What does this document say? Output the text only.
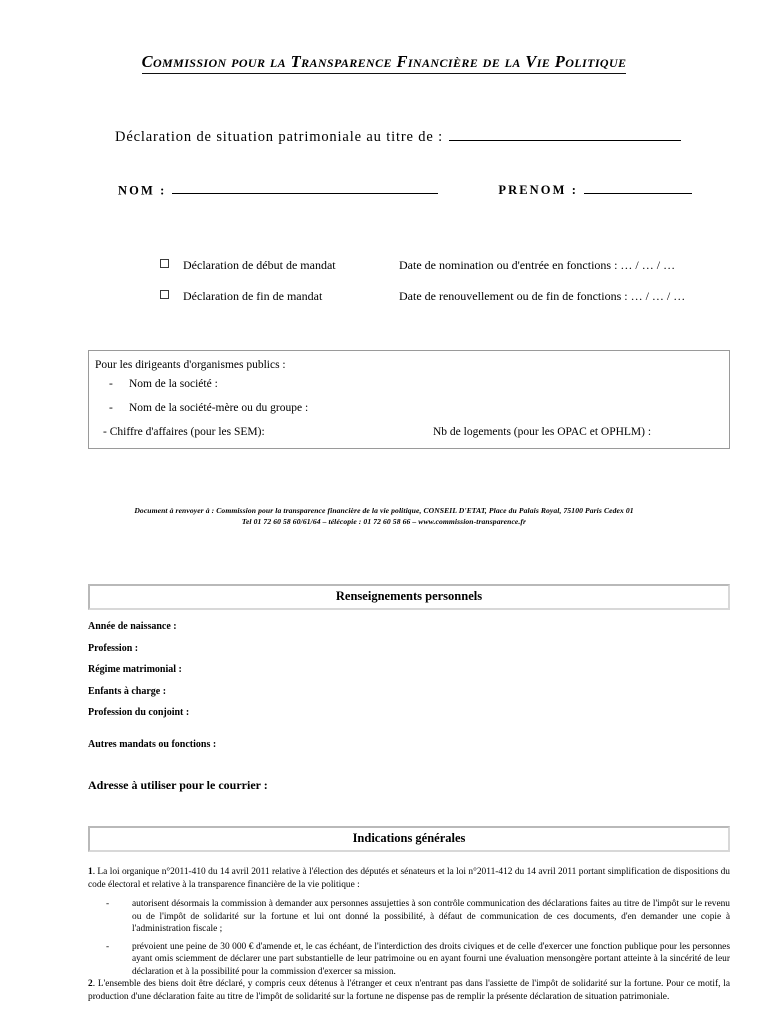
Commission pour la Transparence Financière de la Vie Politique
Déclaration de situation patrimoniale au titre de :
NOM :	PRENOM :
Déclaration de début de mandat	Date de nomination ou d'entrée en fonctions : … / … / …
Déclaration de fin de mandat	Date de renouvellement ou de fin de fonctions : … / … / …

Pour les dirigeants d'organismes publics :

- Nom de la société :
- Nom de la société-mère ou du groupe :
- Chiffre d'affaires (pour les SEM):	Nb de logements (pour les OPAC et OPHLM) :
Document à renvoyer à : Commission pour la transparence financière de la vie politique, CONSEIL D'ETAT, Place du Palais Royal, 75100 Paris Cedex 01
Tel 01 72 60 58 60/61/64 – télécopie : 01 72 60 58 66 – www.commission-transparence.fr
Renseignements personnels
Année de naissance :
Profession :
Régime matrimonial :
Enfants à charge :
Profession du conjoint :
Autres mandats ou fonctions :
Adresse à utiliser pour le courrier :
Indications générales

1. La loi organique n°2011-410 du 14 avril 2011 relative à l'élection des députés et sénateurs et la loi n°2011-412 du 14 avril 2011 portant simplification de dispositions du code électoral et relative à la transparence financière de la vie politique :

- autorisent désormais la commission à demander aux personnes assujetties à son contrôle communication des déclarations faites au titre de l'impôt sur le revenu ou de l'impôt de solidarité sur la fortune et lui ont donné la possibilité, à défaut de communication de ces documents, d'en demander une copie à l'administration fiscale ;
- prévoient une peine de 30 000 € d'amende et, le cas échéant, de l'interdiction des droits civiques et de celle d'exercer une fonction publique pour les personnes ayant omis sciemment de déclarer une part substantielle de leur patrimoine ou en ayant fourni une évaluation mensongère portant atteinte à la sincérité de leur déclaration et à la possibilité pour la commission d'exercer sa mission.

2. L'ensemble des biens doit être déclaré, y compris ceux détenus à l'étranger et ceux n'entrant pas dans l'assiette de l'impôt de solidarité sur la fortune. Pour ce motif, la production d'une déclaration faite au titre de l'impôt de solidarité sur la fortune ne dispense pas de remplir la présente déclaration de situation patrimoniale.
